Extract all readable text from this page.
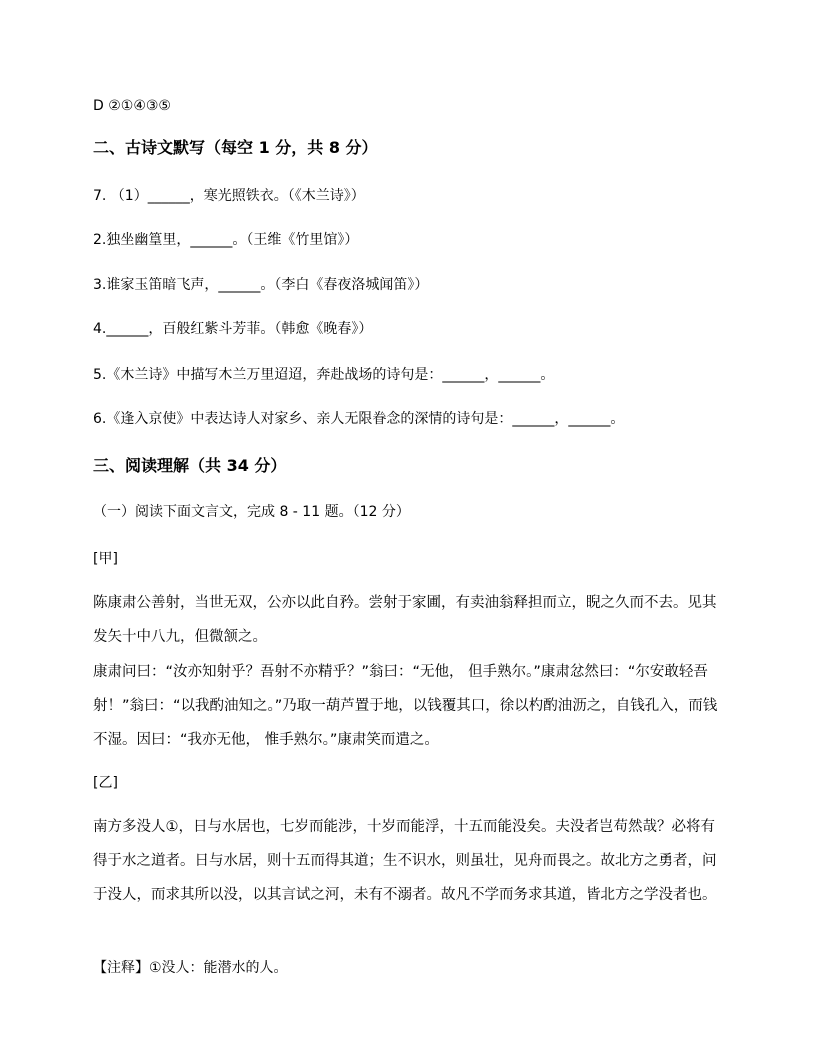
D ②①④③⑤
二、古诗文默写（每空 1 分，共 8 分）
7. （1）______，寒光照铁衣。（《木兰诗》）
2.独坐幽篁里，______。（王维《竹里馆》）
3.谁家玉笛暗飞声，______。（李白《春夜洛城闻笛》）
4.______，百般红紫斗芳菲。（韩愈《晚春》）
5.《木兰诗》中描写木兰万里迢迢，奔赴战场的诗句是：______，______。
6.《逢入京使》中表达诗人对家乡、亲人无限眷念的深情的诗句是：______，______。
三、阅读理解（共 34 分）
（一）阅读下面文言文，完成 8 - 11 题。（12 分）
[甲]
陈康肃公善射，当世无双，公亦以此自矜。尝射于家圃，有卖油翁释担而立，睨之久而不去。见其发矢十中八九，但微颔之。
康肃问曰：“汝亦知射乎？吾射不亦精乎？”翁曰：“无他， 但手熟尔。”康肃忿然曰：“尔安敢轻吾射！”翁曰：“以我酌油知之。”乃取一葫芦置于地，以钱覆其口，徐以杓酌油沥之，自钱孔入，而钱不湿。因曰：“我亦无他， 惟手熟尔。”康肃笑而遣之。
[乙]
南方多没人①，日与水居也，七岁而能涉，十岁而能浮，十五而能没矣。夫没者岂苟然哉？必将有得于水之道者。日与水居，则十五而得其道；生不识水，则虽壮，见舟而畏之。故北方之勇者，问于没人，而求其所以没，以其言试之河，未有不溺者。故凡不学而务求其道，皆北方之学没者也。
【注释】①没人：能潜水的人。
